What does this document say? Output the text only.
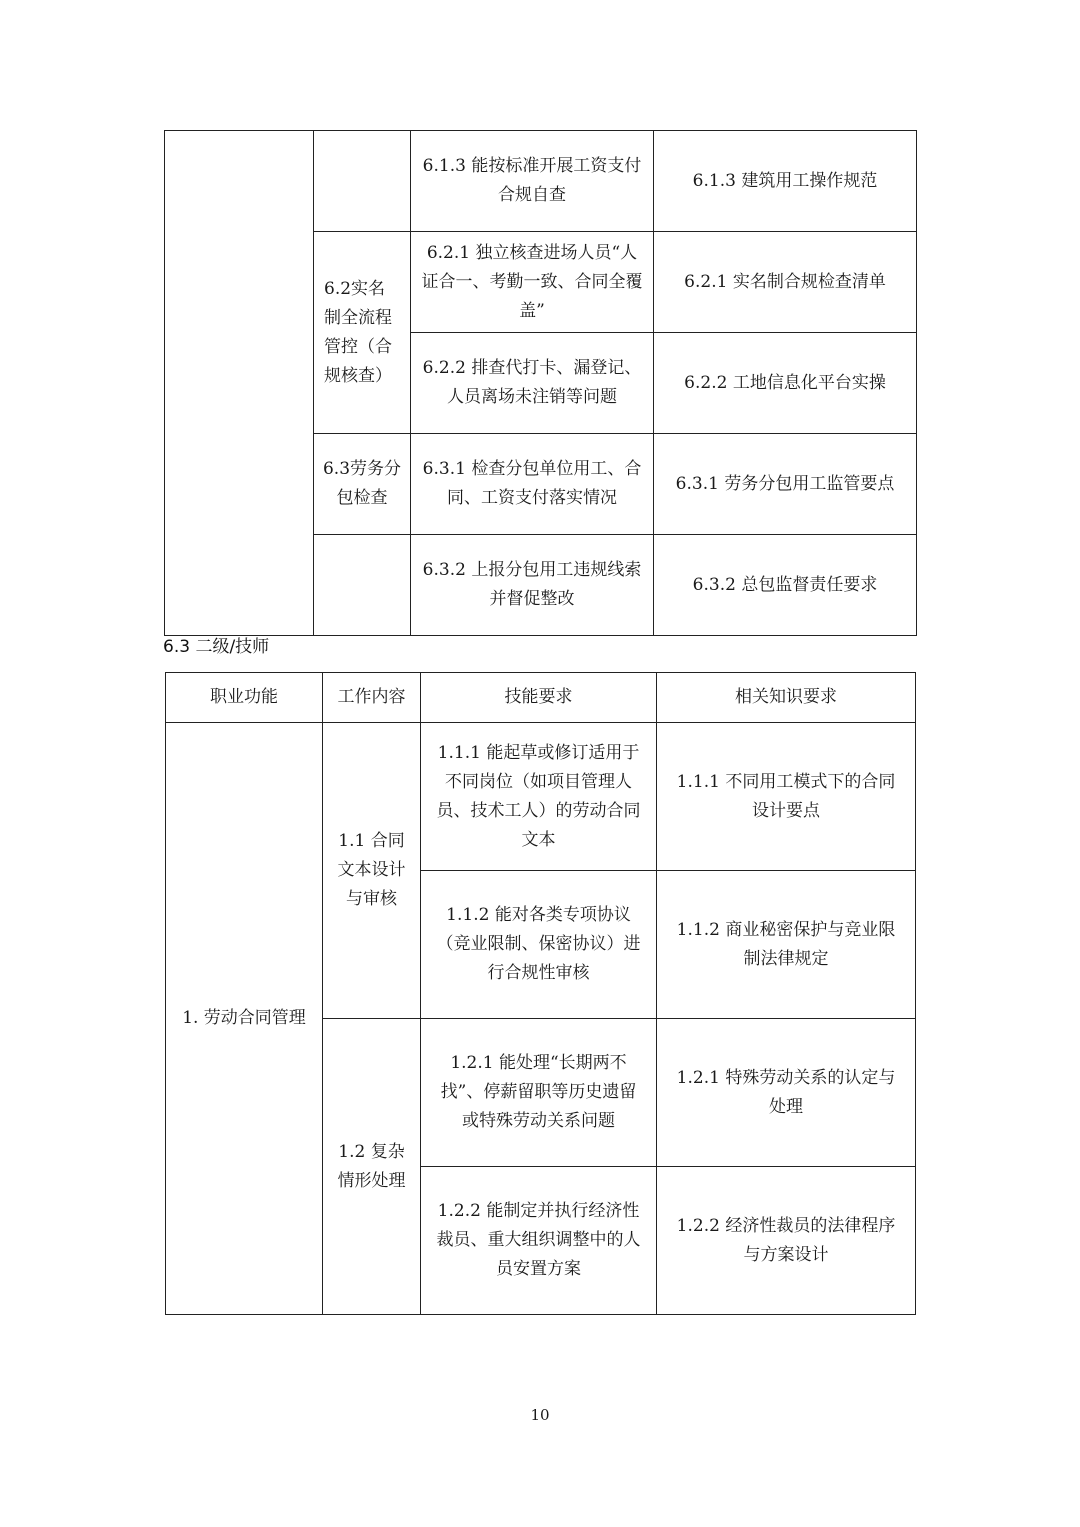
		6.1.3 能按标准开展工资支付合规自查	6.1.3 建筑用工操作规范
	6.2实名制全流程管控（合规核查）	6.2.1 独立核查进场人员“人证合一、考勤一致、合同全覆盖”	6.2.1 实名制合规检查清单
		6.2.2 排查代打卡、漏登记、人员离场未注销等问题	6.2.2 工地信息化平台实操
	6.3劳务分包检查	6.3.1 检查分包单位用工、合同、工资支付落实情况	6.3.1 劳务分包用工监管要点
		6.3.2 上报分包用工违规线索并督促整改	6.3.2 总包监督责任要求
6.3 二级/技师
职业功能	工作内容	技能要求	相关知识要求
1. 劳动合同管理	1.1 合同文本设计与审核	1.1.1 能起草或修订适用于不同岗位（如项目管理人员、技术工人）的劳动合同文本	1.1.1 不同用工模式下的合同设计要点
		1.1.2 能对各类专项协议（竞业限制、保密协议）进行合规性审核	1.1.2 商业秘密保护与竞业限制法律规定
	1.2 复杂情形处理	1.2.1 能处理“长期两不找”、停薪留职等历史遗留或特殊劳动关系问题	1.2.1 特殊劳动关系的认定与处理
		1.2.2 能制定并执行经济性裁员、重大组织调整中的人员安置方案	1.2.2 经济性裁员的法律程序与方案设计
10
